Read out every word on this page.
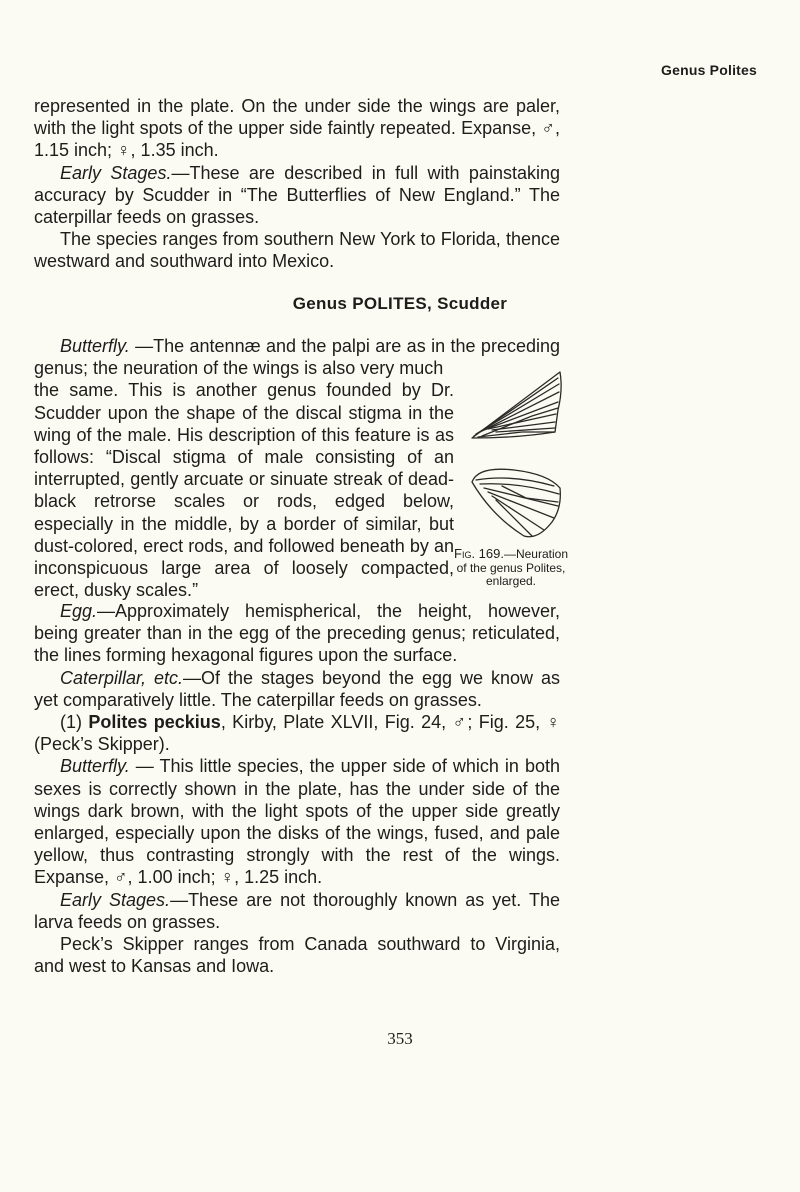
Genus Polites

represented in the plate. On the under side the wings are paler, with the light spots of the upper side faintly repeated. Expanse, ♂, 1.15 inch; ♀, 1.35 inch.

Early Stages.—These are described in full with painstaking accuracy by Scudder in “The Butterflies of New England.” The caterpillar feeds on grasses.

The species ranges from southern New York to Florida, thence westward and southward into Mexico.

Genus POLITES, Scudder

Butterfly. —The antennæ and the palpi are as in the preceding genus; the neuration of the wings is also very much

the same. This is another genus founded by Dr. Scudder upon the shape of the discal stigma in the wing of the male. His description of this feature is as follows: “Discal stigma of male consisting of an interrupted, gently arcuate or sinuate streak of dead-black retrorse scales or rods, edged below, especially in the middle, by a border of similar, but dust-colored, erect rods, and followed beneath by an inconspicuous large area of loosely compacted, erect, dusky scales.”

Fig. 169.—Neuration of the genus Polites, enlarged.

Egg.—Approximately hemispherical, the height, however, being greater than in the egg of the preceding genus; reticulated, the lines forming hexagonal figures upon the surface.

Caterpillar, etc.—Of the stages beyond the egg we know as yet comparatively little. The caterpillar feeds on grasses.

(1) Polites peckius, Kirby, Plate XLVII, Fig. 24, ♂; Fig. 25, ♀ (Peck’s Skipper).

Butterfly. — This little species, the upper side of which in both sexes is correctly shown in the plate, has the under side of the wings dark brown, with the light spots of the upper side greatly enlarged, especially upon the disks of the wings, fused, and pale yellow, thus contrasting strongly with the rest of the wings. Expanse, ♂, 1.00 inch; ♀, 1.25 inch.

Early Stages.—These are not thoroughly known as yet. The larva feeds on grasses.

Peck’s Skipper ranges from Canada southward to Virginia, and west to Kansas and Iowa.

353
